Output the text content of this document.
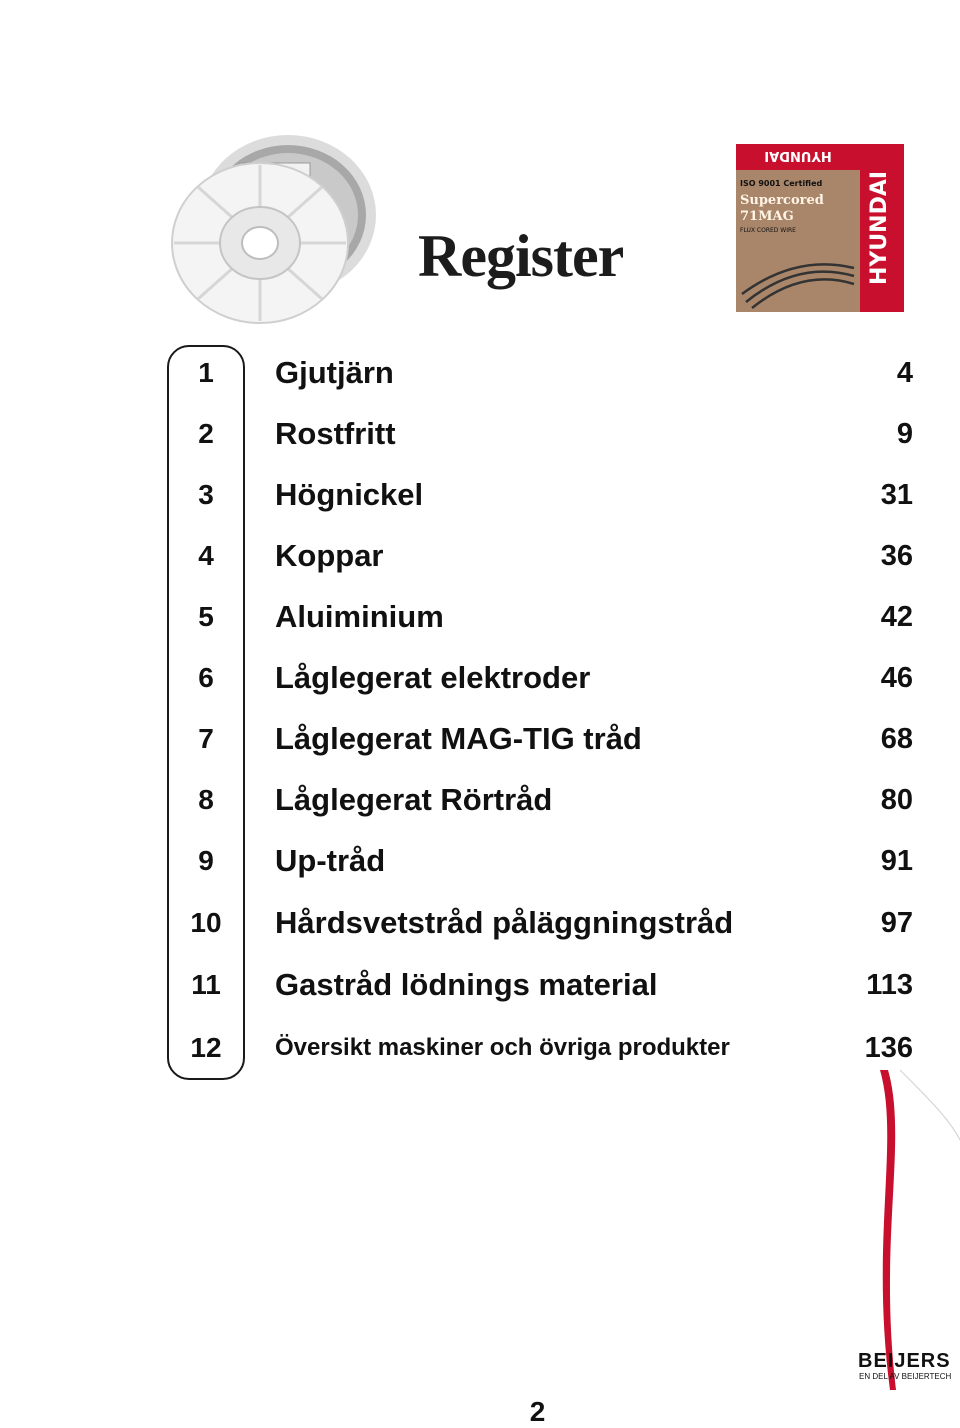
HYUNDAI
HYUNDAI
ISO 9001 Certified
Supercored
71MAG
FLUX CORED WIRE
Register
1	Gjutjärn	4
2	Rostfritt	9
3	Högnickel	31
4	Koppar	36
5	Aluiminium	42
6	Låglegerat elektroder	46
7	Låglegerat MAG-TIG tråd	68
8	Låglegerat Rörtråd	80
9	Up-tråd	91
10	Hårdsvetstråd påläggningstråd	97
11	Gastråd lödnings material	113
12	Översikt maskiner och övriga produkter	136
BEIJERS
EN DEL AV BEIJERTECH
2
